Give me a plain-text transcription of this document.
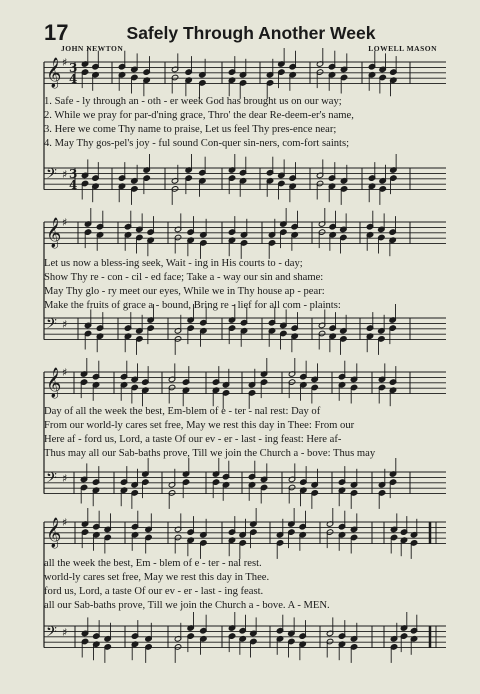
17	Safely Through Another Week
JOHN NEWTON	LOWELL MASON
𝄞
𝄢
♯
♯
3
4
3
4
𝄞
𝄢
♯
♯
𝄞
𝄢
♯
♯
𝄞
𝄢
♯
♯
1. Safe - ly through an - oth - er week God has brought us on our way;
2. While we pray for par-d'ning grace, Thro' the dear Re-deem-er's name,
3. Here we come Thy name to praise, Let us feel Thy pres-ence near;
4. May Thy gos-pel's joy - ful sound Con-quer sin-ners, com-fort saints;
Let us now a bless-ing seek, Wait - ing in His courts to - day;
Show Thy re - con - cil - ed face; Take a - way our sin and shame:
May Thy glo - ry meet our eyes, While we in Thy house ap - pear:
Make the fruits of grace a - bound, Bring re - lief for all com - plaints:
Day of all the week the best, Em-blem of e - ter - nal rest: Day of
From our world-ly cares set free, May we rest this day in Thee: From our
Here af - ford us, Lord, a taste Of our ev - er - last - ing feast: Here af-
Thus may all our Sab-baths prove, Till we join the Church a - bove: Thus may
all the week the best, Em - blem of e - ter - nal rest.
world-ly cares set free, May we rest this day in Thee.
ford us, Lord, a taste Of our ev - er - last - ing feast.
all our Sab-baths prove, Till we join the Church a - bove. A - MEN.
